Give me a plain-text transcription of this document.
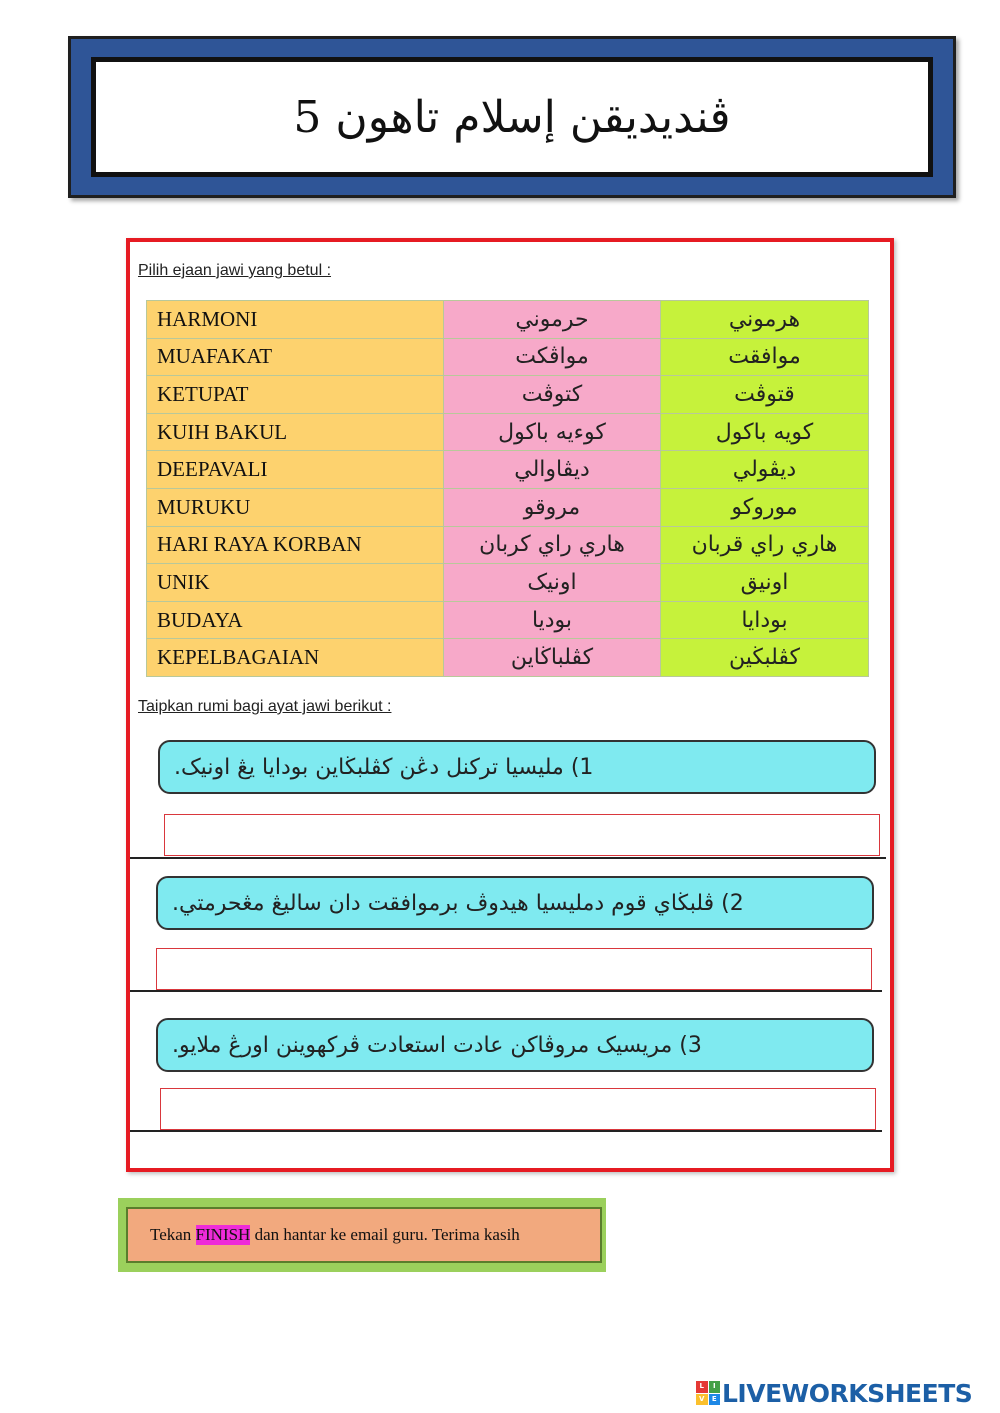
ڤنديديقن إسلام تاهون 5
Pilih ejaan jawi yang betul :
HARMONI	حرموني	هرموني
MUAFAKAT	مواڤكت	موافقت
KETUPAT	كتوڤت	قتوڤت
KUIH BAKUL	كوءيه باكول	كويه باكول
DEEPAVALI	ديڤاوالي	ديڤولي
MURUKU	مروقو	موروكو
HARI RAYA KORBAN	هاري راي كربان	هاري راي قربان
UNIK	اونيک	اونيق
BUDAYA	بوديا	بودايا
KEPELBAGAIAN	كڤلباڬاين	كڤلبڬين
Taipkan rumi bagi ayat jawi berikut :
1) مليسيا تركنل دڠن كڤلبڬاين بودايا يڠ اونيک.
2) ڤلبڬاي قوم دمليسيا هيدوڤ برموافقت دان ساليڠ مڠحرمتي.
3) مريسيک مروڤاكن عادت استعادت ڤركهوينن اورڠ ملايو.
Tekan FINISH dan hantar ke email guru. Terima kasih
L	I
V	E LIVEWORKSHEETS
